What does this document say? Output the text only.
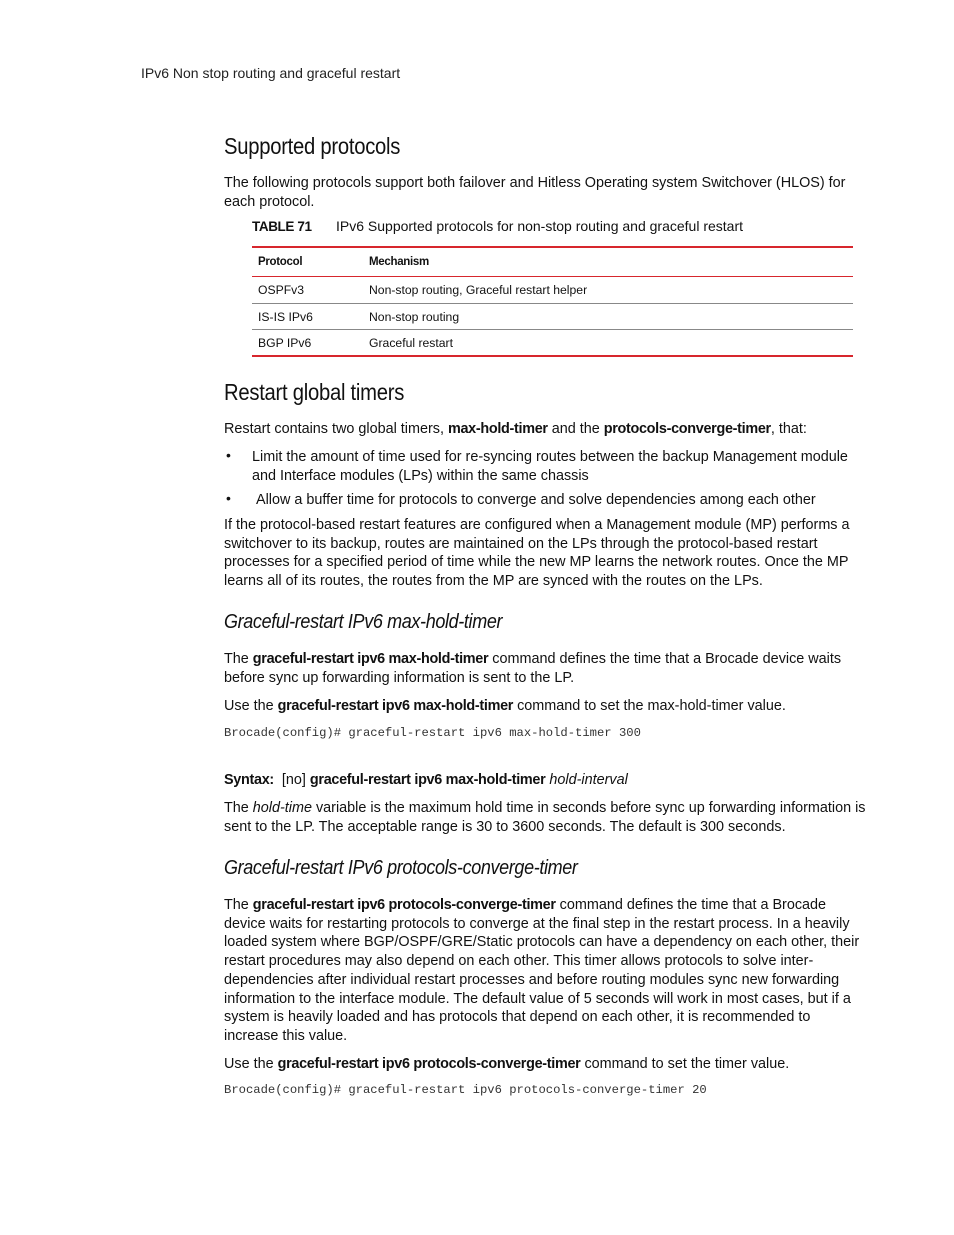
IPv6 Non stop routing and graceful restart
Supported protocols

The following protocols support both failover and Hitless Operating system Switchover (HLOS) for each protocol.

TABLE 71 IPv6 Supported protocols for non-stop routing and graceful restart
Protocol	Mechanism
OSPFv3	Non-stop routing, Graceful restart helper
IS-IS IPv6	Non-stop routing
BGP IPv6	Graceful restart
Restart global timers

Restart contains two global timers, max-hold-timer and the protocols-converge-timer, that:

• Limit the amount of time used for re-syncing routes between the backup Management module and Interface modules (LPs) within the same chassis

• Allow a buffer time for protocols to converge and solve dependencies among each other

If the protocol-based restart features are configured when a Management module (MP) performs a switchover to its backup, routes are maintained on the LPs through the protocol-based restart processes for a specified period of time while the new MP learns the network routes. Once the MP learns all of its routes, the routes from the MP are synced with the routes on the LPs.

Graceful-restart IPv6 max-hold-timer

The graceful-restart ipv6 max-hold-timer command defines the time that a Brocade device waits before sync up forwarding information is sent to the LP.

Use the graceful-restart ipv6 max-hold-timer command to set the max-hold-timer value.

Brocade(config)# graceful-restart ipv6 max-hold-timer 300

Syntax: [no] graceful-restart ipv6 max-hold-timer hold-interval

The hold-time variable is the maximum hold time in seconds before sync up forwarding information is sent to the LP. The acceptable range is 30 to 3600 seconds. The default is 300 seconds.

Graceful-restart IPv6 protocols-converge-timer

The graceful-restart ipv6 protocols-converge-timer command defines the time that a Brocade device waits for restarting protocols to converge at the final step in the restart process. In a heavily loaded system where BGP/OSPF/GRE/Static protocols can have a dependency on each other, their restart procedures may also depend on each other. This timer allows protocols to solve inter-dependencies after individual restart processes and before routing modules sync new forwarding information to the interface module. The default value of 5 seconds will work in most cases, but if a system is heavily loaded and has protocols that depend on each other, it is recommended to increase this value.

Use the graceful-restart ipv6 protocols-converge-timer command to set the timer value.

Brocade(config)# graceful-restart ipv6 protocols-converge-timer 20
